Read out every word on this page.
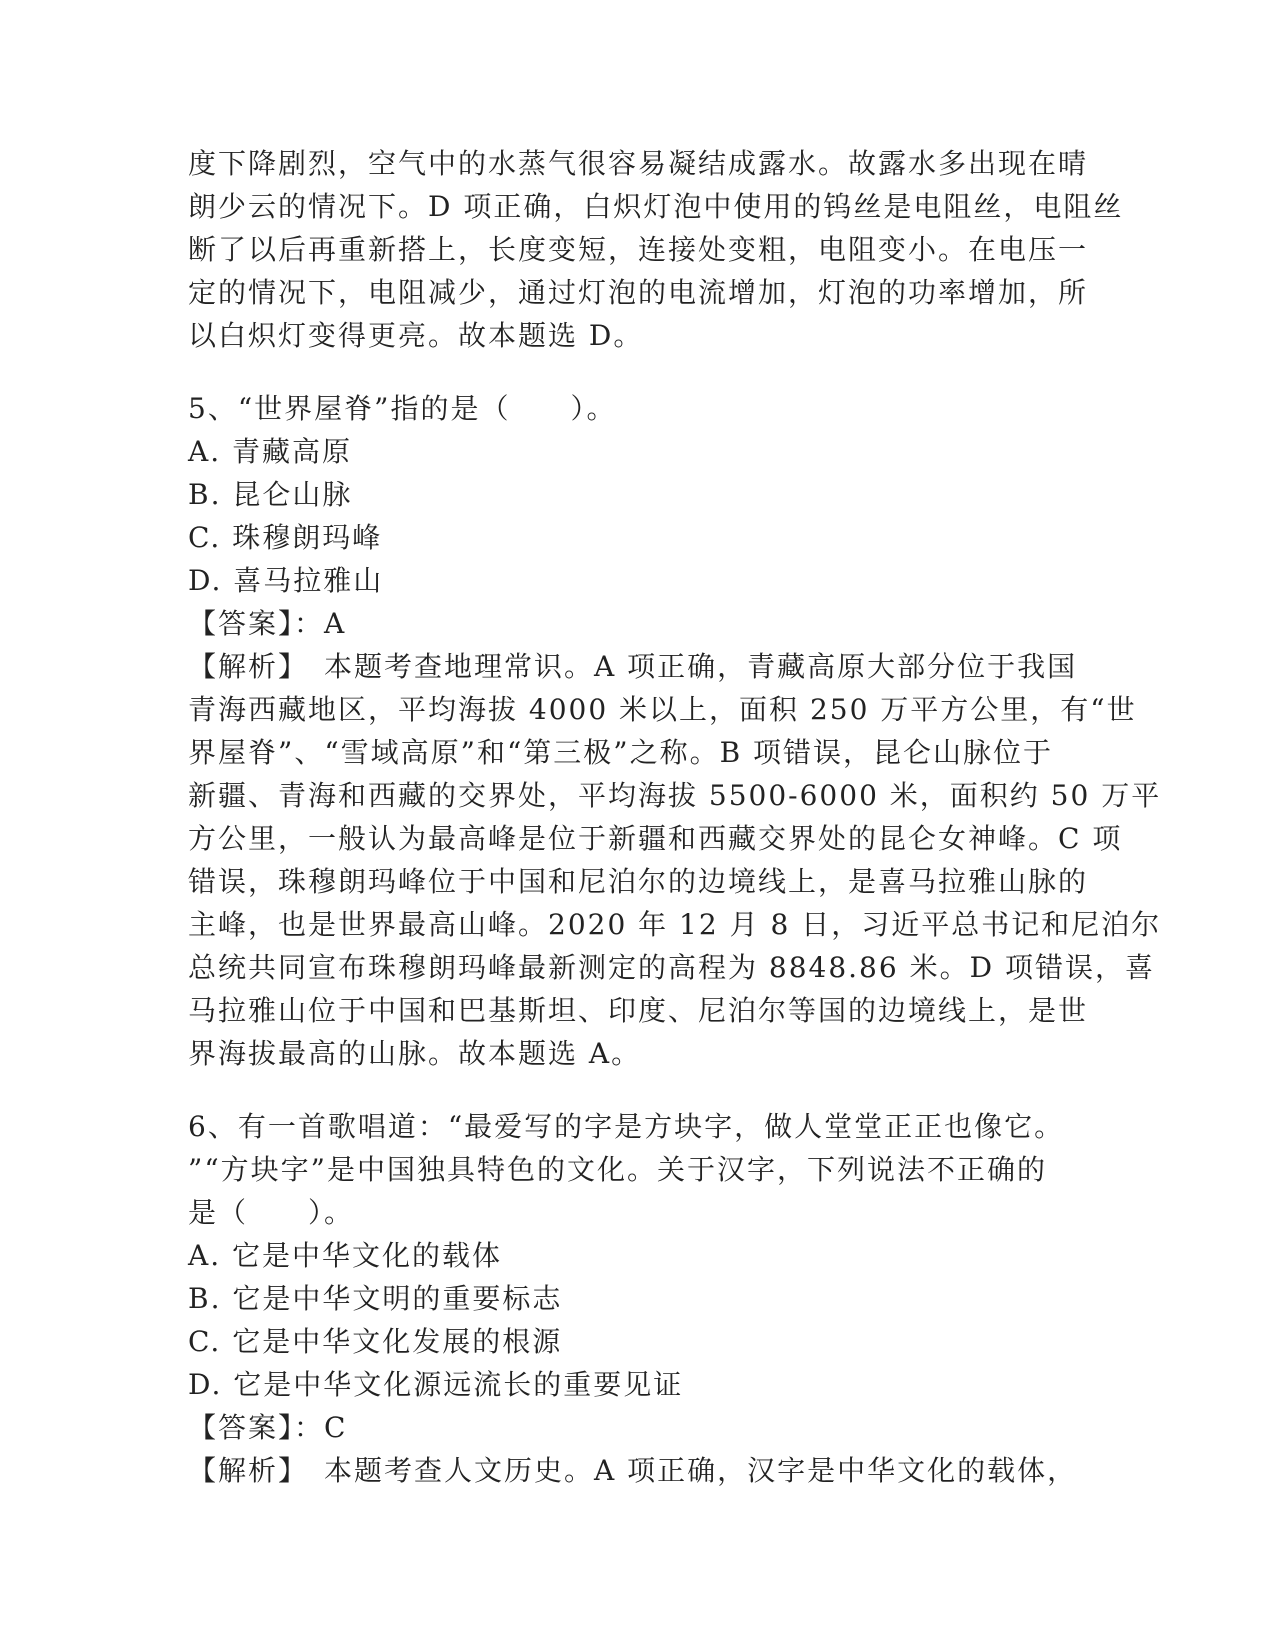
度下降剧烈，空气中的水蒸气很容易凝结成露水。故露水多出现在晴
朗少云的情况下。D 项正确，白炽灯泡中使用的钨丝是电阻丝，电阻丝
断了以后再重新搭上，长度变短，连接处变粗，电阻变小。在电压一
定的情况下，电阻减少，通过灯泡的电流增加，灯泡的功率增加，所
以白炽灯变得更亮。故本题选 D。
5、“世界屋脊”指的是（　　）。
A. 青藏高原
B. 昆仑山脉
C. 珠穆朗玛峰
D. 喜马拉雅山
【答案】：A
【解析】　本题考查地理常识。A 项正确，青藏高原大部分位于我国
青海西藏地区，平均海拔 4000 米以上，面积 250 万平方公里，有“世
界屋脊”、“雪域高原”和“第三极”之称。B 项错误，昆仑山脉位于
新疆、青海和西藏的交界处，平均海拔 5500-6000 米，面积约 50 万平
方公里，一般认为最高峰是位于新疆和西藏交界处的昆仑女神峰。C 项
错误，珠穆朗玛峰位于中国和尼泊尔的边境线上，是喜马拉雅山脉的
主峰，也是世界最高山峰。2020 年 12 月 8 日，习近平总书记和尼泊尔
总统共同宣布珠穆朗玛峰最新测定的高程为 8848.86 米。D 项错误，喜
马拉雅山位于中国和巴基斯坦、印度、尼泊尔等国的边境线上，是世
界海拔最高的山脉。故本题选 A。
6、有一首歌唱道：“最爱写的字是方块字，做人堂堂正正也像它。
”“方块字”是中国独具特色的文化。关于汉字，下列说法不正确的
是（　　）。
A. 它是中华文化的载体
B. 它是中华文明的重要标志
C. 它是中华文化发展的根源
D. 它是中华文化源远流长的重要见证
【答案】：C
【解析】　本题考查人文历史。A 项正确，汉字是中华文化的载体，
